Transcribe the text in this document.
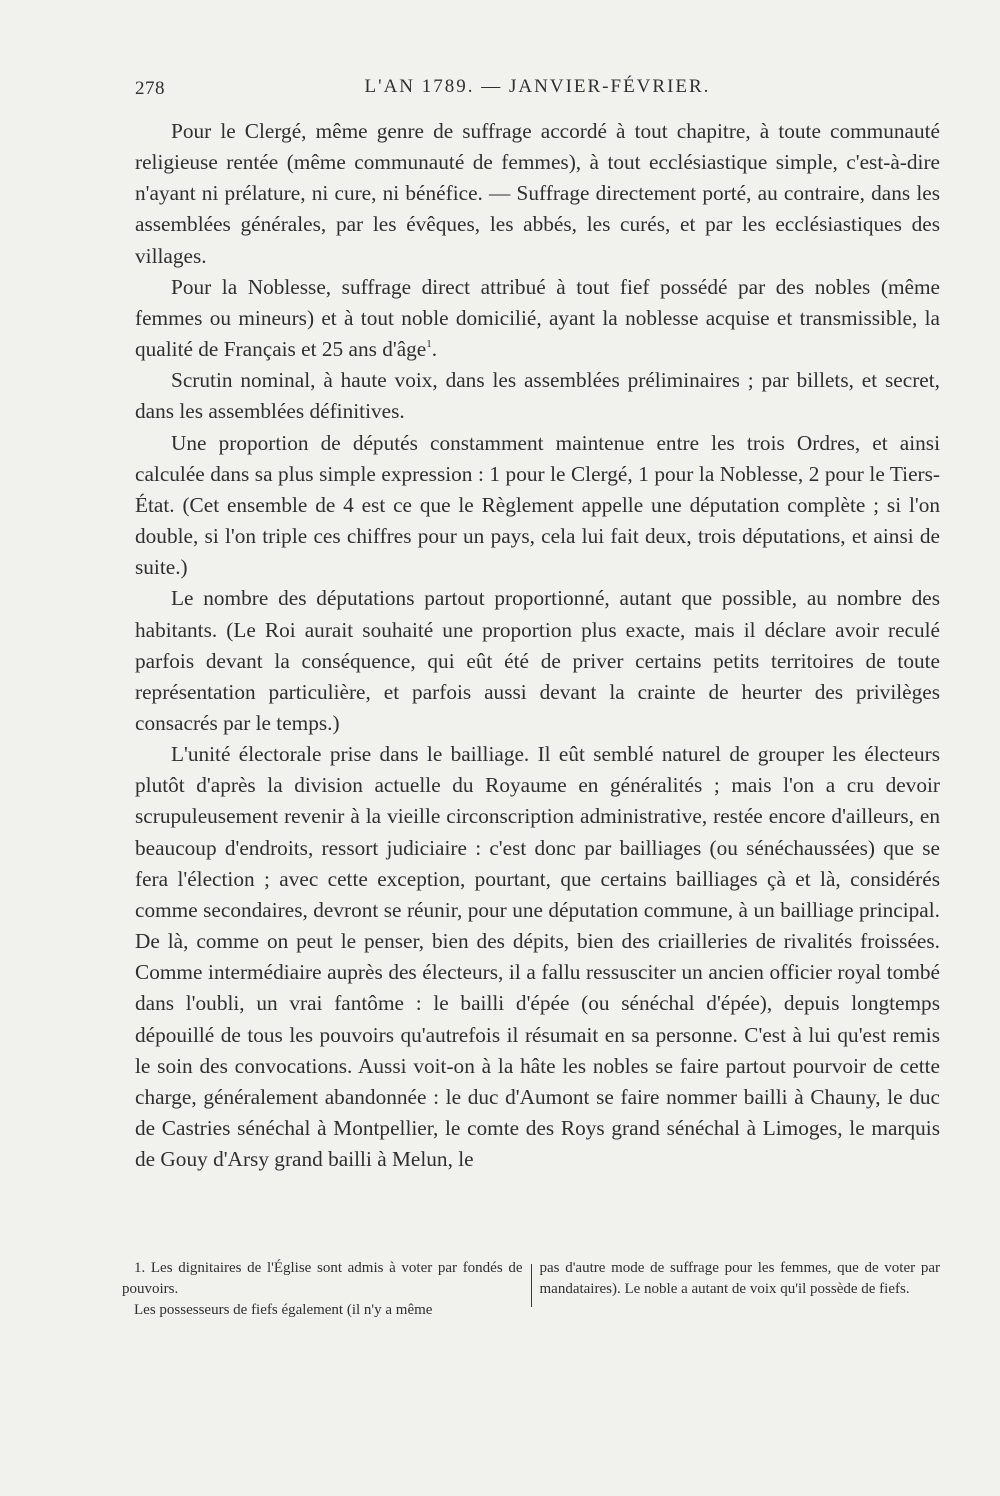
278	L'AN 1789. — JANVIER-FÉVRIER.

Pour le Clergé, même genre de suffrage accordé à tout chapitre, à toute communauté religieuse rentée (même communauté de femmes), à tout ecclésiastique simple, c'est-à-dire n'ayant ni prélature, ni cure, ni bénéfice. — Suffrage directement porté, au contraire, dans les assemblées générales, par les évêques, les abbés, les curés, et par les ecclésiastiques des villages.

Pour la Noblesse, suffrage direct attribué à tout fief possédé par des nobles (même femmes ou mineurs) et à tout noble domicilié, ayant la noblesse acquise et transmissible, la qualité de Français et 25 ans d'âge$^1$.

Scrutin nominal, à haute voix, dans les assemblées préliminaires ; par billets, et secret, dans les assemblées définitives.

Une proportion de députés constamment maintenue entre les trois Ordres, et ainsi calculée dans sa plus simple expression : 1 pour le Clergé, 1 pour la Noblesse, 2 pour le Tiers-État. (Cet ensemble de 4 est ce que le Règlement appelle une députation complète ; si l'on double, si l'on triple ces chiffres pour un pays, cela lui fait deux, trois députations, et ainsi de suite.)

Le nombre des députations partout proportionné, autant que possible, au nombre des habitants. (Le Roi aurait souhaité une proportion plus exacte, mais il déclare avoir reculé parfois devant la conséquence, qui eût été de priver certains petits territoires de toute représentation particulière, et parfois aussi devant la crainte de heurter des privilèges consacrés par le temps.)

L'unité électorale prise dans le bailliage. Il eût semblé naturel de grouper les électeurs plutôt d'après la division actuelle du Royaume en généralités ; mais l'on a cru devoir scrupuleusement revenir à la vieille circonscription administrative, restée encore d'ailleurs, en beaucoup d'endroits, ressort judiciaire : c'est donc par bailliages (ou sénéchaussées) que se fera l'élection ; avec cette exception, pourtant, que certains bailliages çà et là, considérés comme secondaires, devront se réunir, pour une députation commune, à un bailliage principal. De là, comme on peut le penser, bien des dépits, bien des criailleries de rivalités froissées. Comme intermédiaire auprès des électeurs, il a fallu ressusciter un ancien officier royal tombé dans l'oubli, un vrai fantôme : le bailli d'épée (ou sénéchal d'épée), depuis longtemps dépouillé de tous les pouvoirs qu'autrefois il résumait en sa personne. C'est à lui qu'est remis le soin des convocations. Aussi voit-on à la hâte les nobles se faire partout pourvoir de cette charge, généralement abandonnée : le duc d'Aumont se faire nommer bailli à Chauny, le duc de Castries sénéchal à Montpellier, le comte des Roys grand sénéchal à Limoges, le marquis de Gouy d'Arsy grand bailli à Melun, le

1. Les dignitaires de l'Église sont admis à voter par fondés de pouvoirs.

Les possesseurs de fiefs également (il n'y a même

pas d'autre mode de suffrage pour les femmes, que de voter par mandataires). Le noble a autant de voix qu'il possède de fiefs.
